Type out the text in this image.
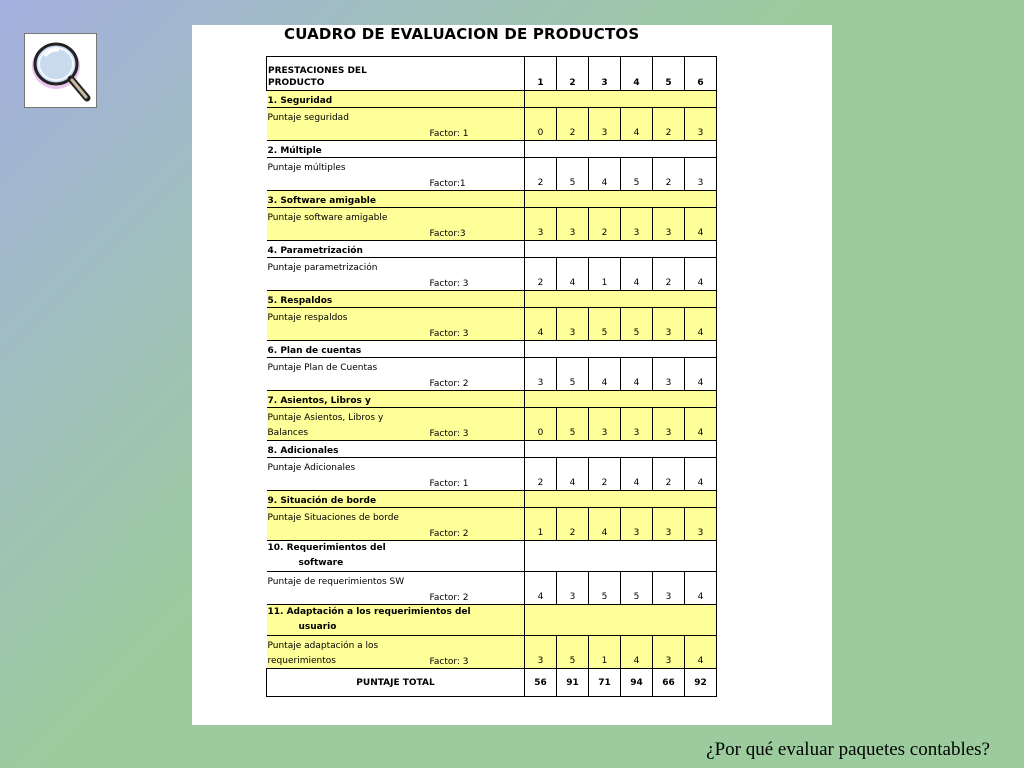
CUADRO DE EVALUACION DE PRODUCTOS
PRESTACIONES DEL
PRODUCTO	1	2	3	4	5	6
1. Seguridad						

Puntaje seguridad
Factor: 1	0	2	3	4	2	3
2. Múltiple						

Puntaje múltiples
Factor:1	2	5	4	5	2	3
3. Software amigable						

Puntaje software amigable
Factor:3	3	3	2	3	3	4
4. Parametrización						

Puntaje parametrización
Factor: 3	2	4	1	4	2	4
5. Respaldos						

Puntaje respaldos
Factor: 3	4	3	5	5	3	4
6. Plan de cuentas						

Puntaje Plan de Cuentas
Factor: 2	3	5	4	4	3	4
7. Asientos, Libros y						

Puntaje Asientos, Libros y
Balances Factor: 3	0	5	3	3	3	4
8. Adicionales						

Puntaje Adicionales
Factor: 1	2	4	2	4	2	4
9. Situación de borde						

Puntaje Situaciones de borde
Factor: 2	1	2	4	3	3	3
10. Requerimientos del
software						

Puntaje de requerimientos SW
Factor: 2	4	3	5	5	3	4
11. Adaptación a los requerimientos del
usuario						

Puntaje adaptación a los
requerimientos Factor: 3	3	5	1	4	3	4
PUNTAJE TOTAL	56	91	71	94	66	92
¿Por qué evaluar paquetes contables?
